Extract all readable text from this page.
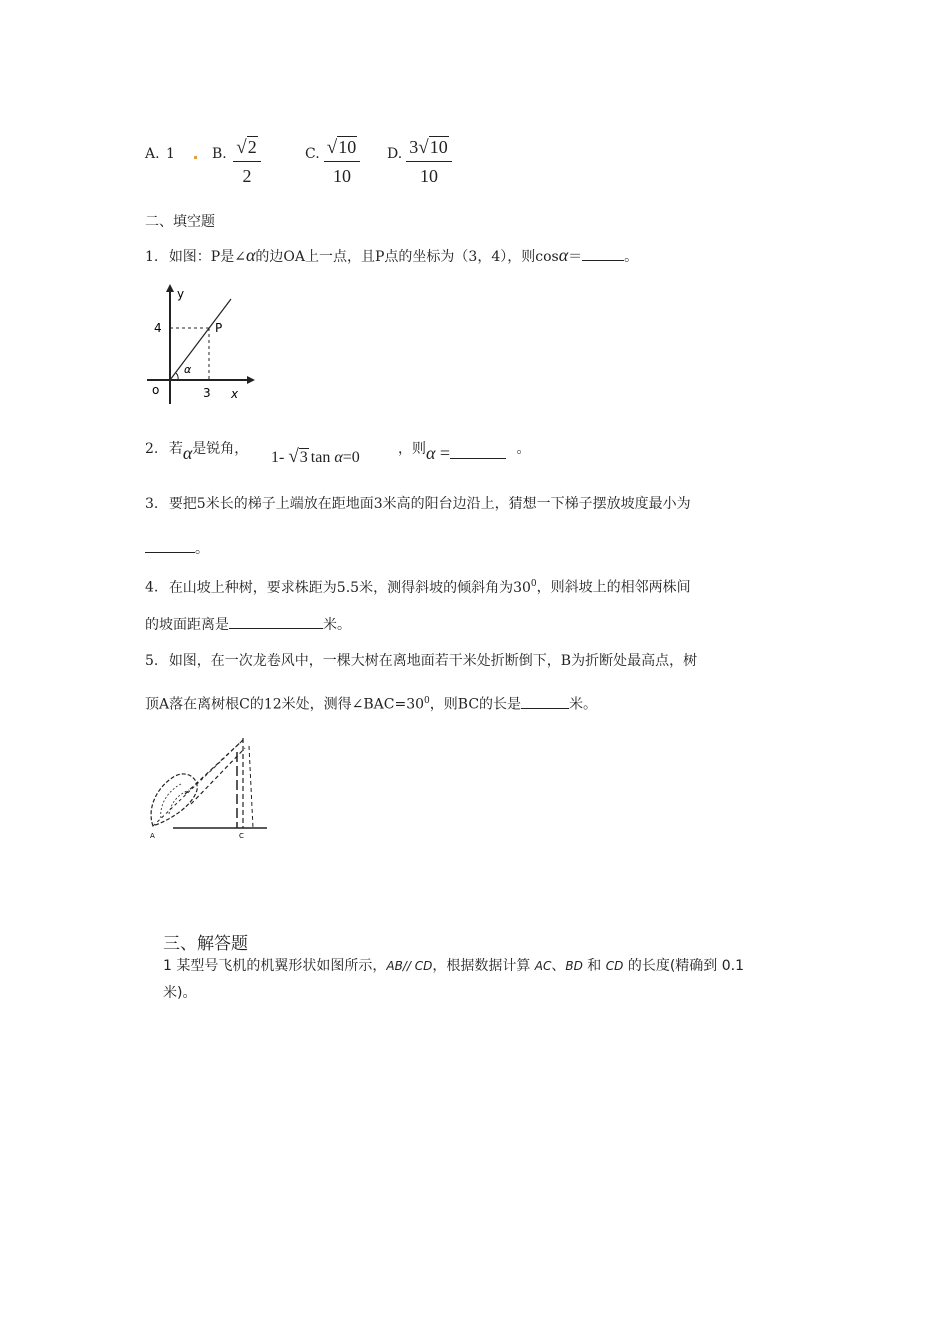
A. 1	B. $\frac{√2}{2}$	C. $\frac{√10}{10} D$. $\frac{3√10}{10}$
二、填空题
1. 如图：P是∠α的边OA上一点，且P点的坐标为（3，4），则cosα＝	。
y
4	P
α
o	3 x
2. 若α是锐角， 1- √3 tan α=0	，则α =	。
3. 要把5米长的梯子上端放在距地面3米高的阳台边沿上，猜想一下梯子摆放坡度最小为
。
4. 在山坡上种树，要求株距为5.5米，测得斜坡的倾斜角为$30^0$，则斜坡上的相邻两株间
的坡面距离是	米。
5. 如图，在一次龙卷风中，一棵大树在离地面若干米处折断倒下，B为折断处最高点，树
顶A落在离树根C的12米处，测得$\angle BAC=30^0$，则BC的长是	米。
A	C
三、解答题
1 某型号飞机的机翼形状如图所示，AB// CD，根据数据计算 AC、BD 和 CD 的长度(精确到 0.1
米)。
